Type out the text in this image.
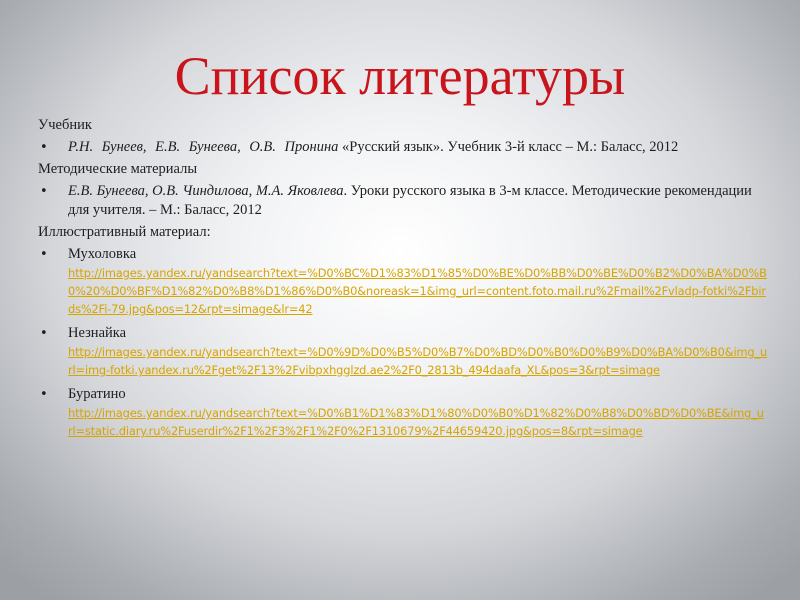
Список литературы
Учебник
• Р.Н. Бунеев, Е.В. Бунеева, О.В. Пронина «Русский язык». Учебник 3-й класс – М.: Баласс, 2012
Методические материалы
• Е.В. Бунеева, О.В. Чиндилова, М.А. Яковлева. Уроки русского языка в 3-м классе. Методические рекомендации для учителя. – М.: Баласс, 2012
Иллюстративный материал:
• Мухоловка
http://images.yandex.ru/yandsearch?text=%D0%BC%D1%83%D1%85%D0%BE%D0%BB%D0%BE%D0%B2%D0%BA%D0%B0%20%D0%BF%D1%82%D0%B8%D1%86%D0%B0&noreask=1&img_url=content.foto.mail.ru%2Fmail%2Fvladp-fotki%2Fbirds%2Fi-79.jpg&pos=12&rpt=simage&lr=42
• Незнайка
http://images.yandex.ru/yandsearch?text=%D0%9D%D0%B5%D0%B7%D0%BD%D0%B0%D0%B9%D0%BA%D0%B0&img_url=img-fotki.yandex.ru%2Fget%2F13%2Fvibpxhgglzd.ae2%2F0_2813b_494daafa_XL&pos=3&rpt=simage
• Буратино
http://images.yandex.ru/yandsearch?text=%D0%B1%D1%83%D1%80%D0%B0%D1%82%D0%B8%D0%BD%D0%BE&img_url=static.diary.ru%2Fuserdir%2F1%2F3%2F1%2F0%2F1310679%2F44659420.jpg&pos=8&rpt=simage
